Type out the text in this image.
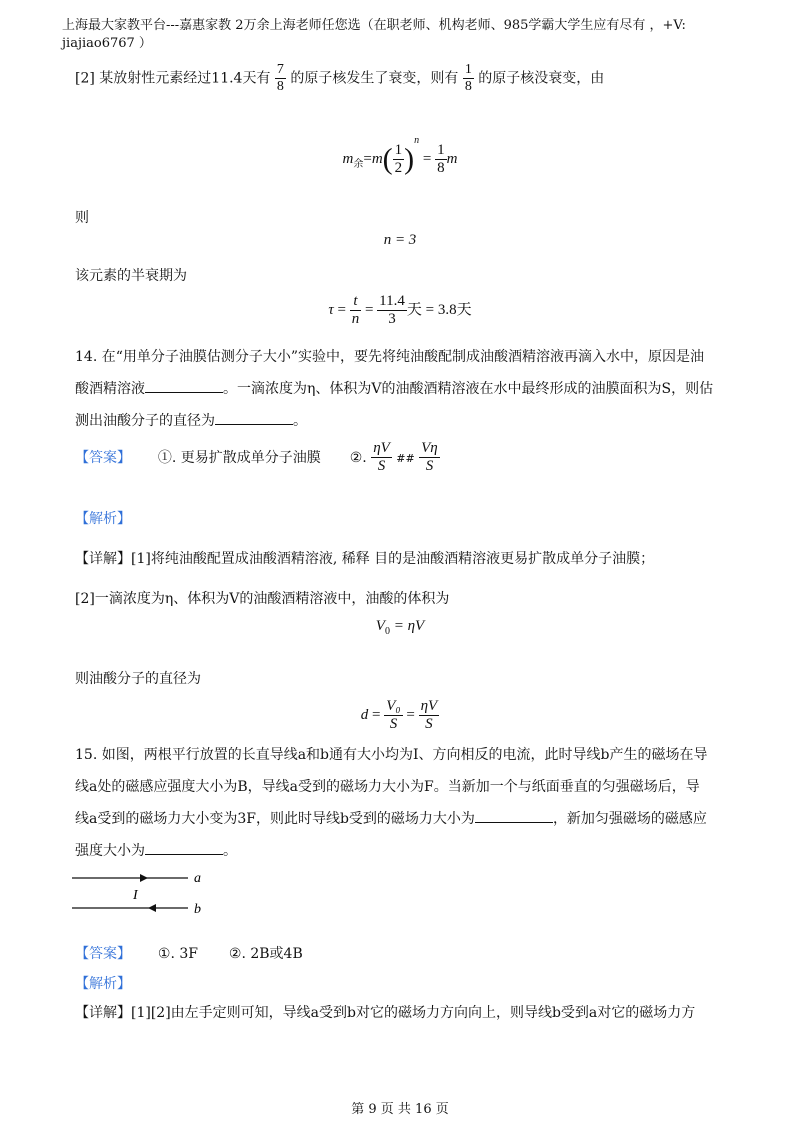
上海最大家教平台---嘉惠家教 2万余上海老师任您选（在职老师、机构老师、985学霸大学生应有尽有 ，+V:
jiajiao6767 ）
[2] 某放射性元素经过11.4天有 $\frac{7}{8}$ 的原子核发生了衰变，则有 $\frac{1}{8}$ 的原子核没衰变，由
$m_余=m( \frac{1}{2} )^n = \frac{1}{8}$ m
则
n = 3
该元素的半衰期为
$\tau = \frac{t}{n} = \frac{11.4}{3}$ 天 = 3.8天
14. 在“用单分子油膜估测分子大小”实验中，要先将纯油酸配制成油酸酒精溶液再滴入水中，原因是油
酸酒精溶液	。一滴浓度为η、体积为V的油酸酒精溶液在水中最终形成的油膜面积为S，则估
测出油酸分子的直径为	。
【答案】 ①. 更易扩散成单分子油膜 ②. $\frac{\eta V}{S}$ ## $\frac{V\eta}{S}$
【解析】
【详解】[1]将纯油酸配置成油酸酒精溶液, 稀释 目的是油酸酒精溶液更易扩散成单分子油膜；
[2]一滴浓度为η、体积为V的油酸酒精溶液中，油酸的体积为
$V_0 = \eta V$
则油酸分子的直径为
$d = \frac{\text{V₀}}{S} = \frac{\eta V}{S}$
15. 如图，两根平行放置的长直导线a和b通有大小均为I、方向相反的电流，此时导线b产生的磁场在导
线a处的磁感应强度大小为B，导线a受到的磁场力大小为F。当新加一个与纸面垂直的匀强磁场后，导
线a受到的磁场力大小变为3F，则此时导线b受到的磁场力大小为	，新加匀强磁场的磁感应
强度大小为	。
a
b
I
【答案】 ①. 3F ②. 2B或4B
【解析】
【详解】[1][2]由左手定则可知，导线a受到b对它的磁场力方向向上，则导线b受到a对它的磁场力方
第 9 页 共 16 页
